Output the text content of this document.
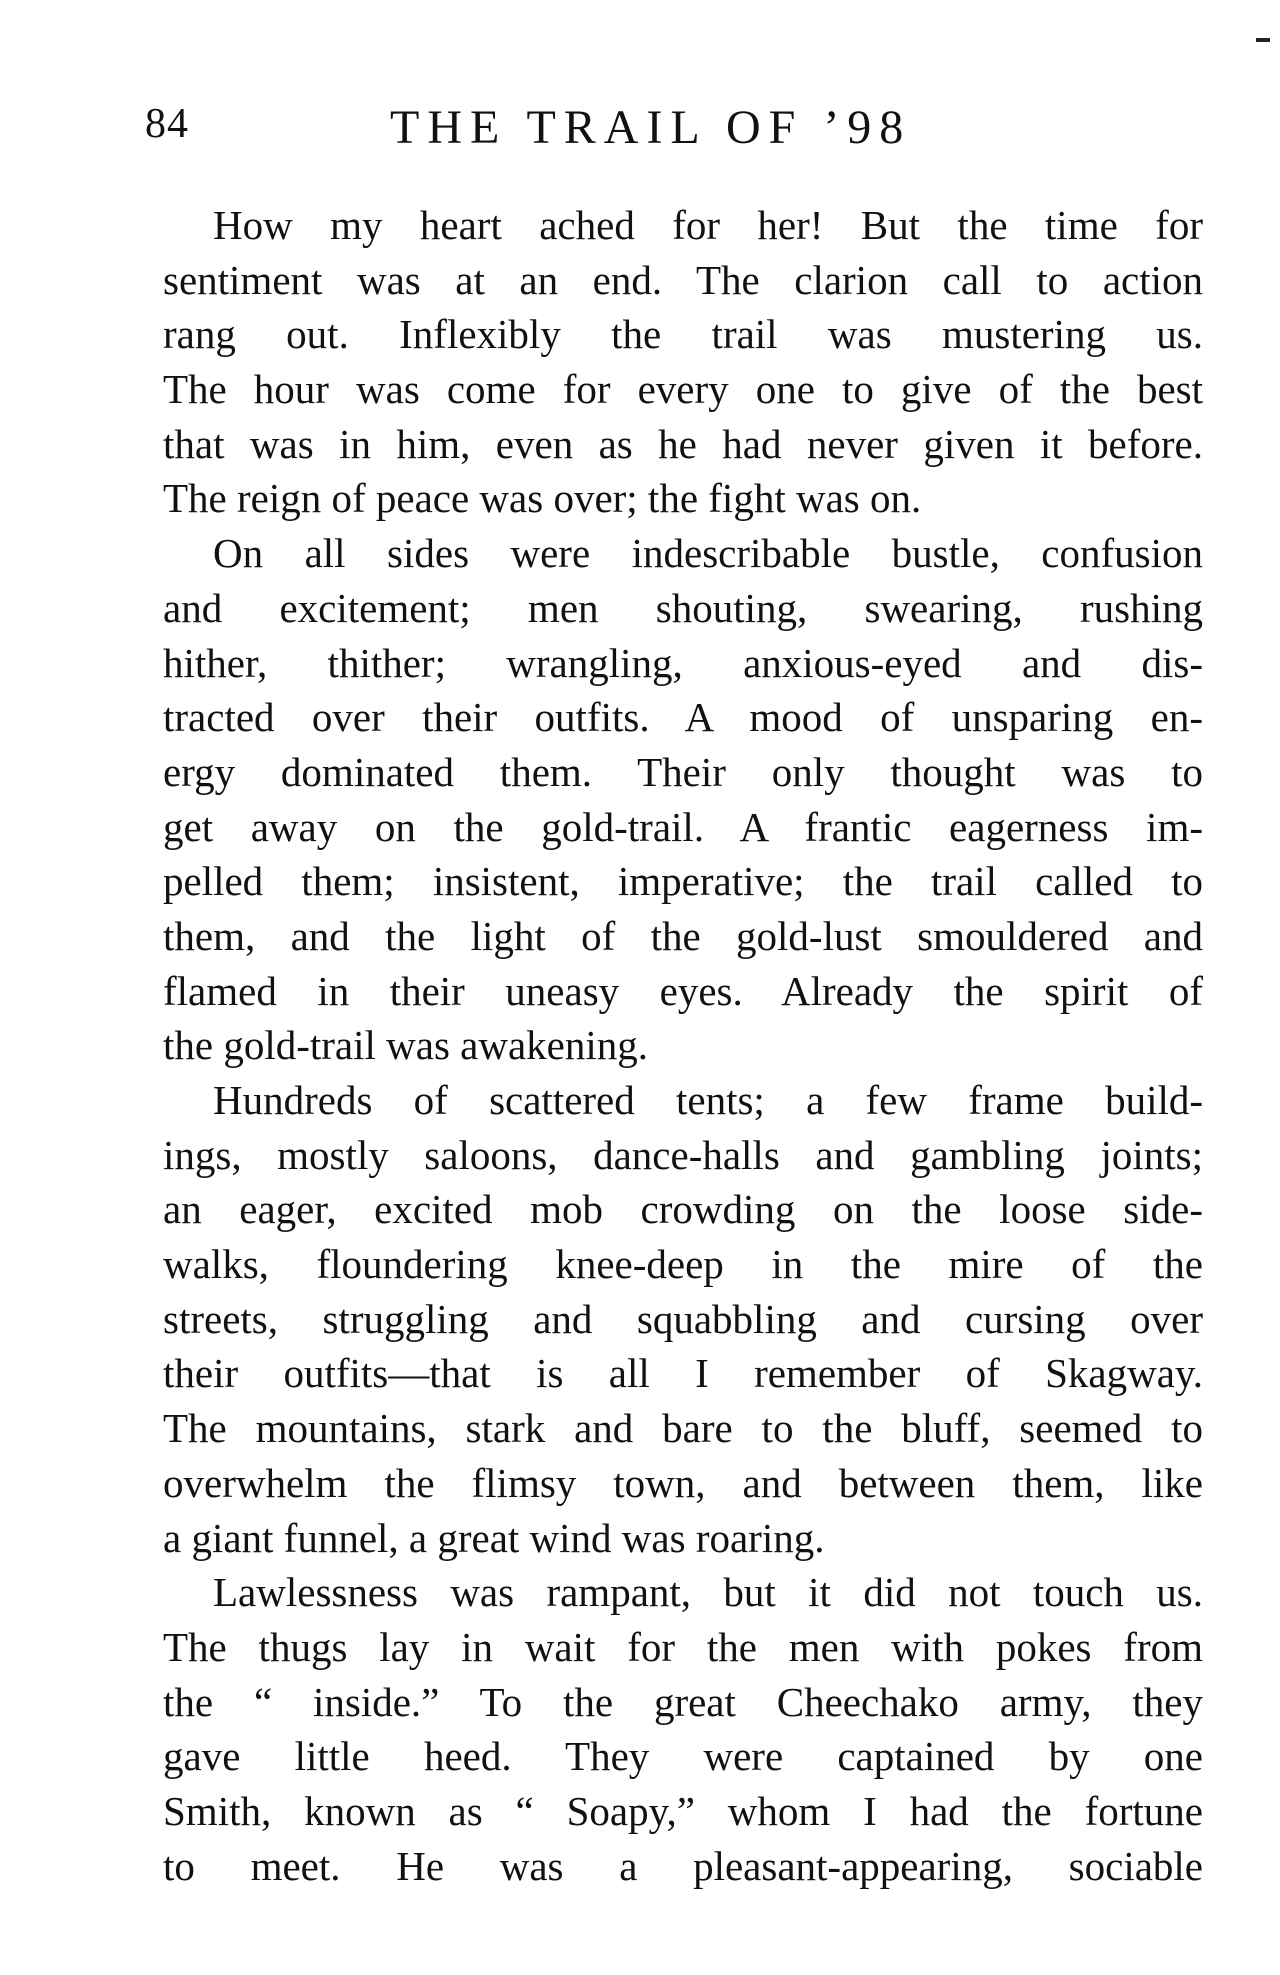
84	THE TRAIL OF ’98
How my heart ached for her! But the time for
sentiment was at an end. The clarion call to action
rang out. Inflexibly the trail was mustering us.
The hour was come for every one to give of the best
that was in him, even as he had never given it before.
The reign of peace was over; the fight was on.
On all sides were indescribable bustle, confusion
and excitement; men shouting, swearing, rushing
hither, thither; wrangling, anxious-eyed and dis-
tracted over their outfits. A mood of unsparing en-
ergy dominated them. Their only thought was to
get away on the gold-trail. A frantic eagerness im-
pelled them; insistent, imperative; the trail called to
them, and the light of the gold-lust smouldered and
flamed in their uneasy eyes. Already the spirit of
the gold-trail was awakening.
Hundreds of scattered tents; a few frame build-
ings, mostly saloons, dance-halls and gambling joints;
an eager, excited mob crowding on the loose side-
walks, floundering knee-deep in the mire of the
streets, struggling and squabbling and cursing over
their outfits—that is all I remember of Skagway.
The mountains, stark and bare to the bluff, seemed to
overwhelm the flimsy town, and between them, like
a giant funnel, a great wind was roaring.
Lawlessness was rampant, but it did not touch us.
The thugs lay in wait for the men with pokes from
the “ inside.” To the great Cheechako army, they
gave little heed. They were captained by one
Smith, known as “ Soapy,” whom I had the fortune
to meet. He was a pleasant-appearing, sociable
